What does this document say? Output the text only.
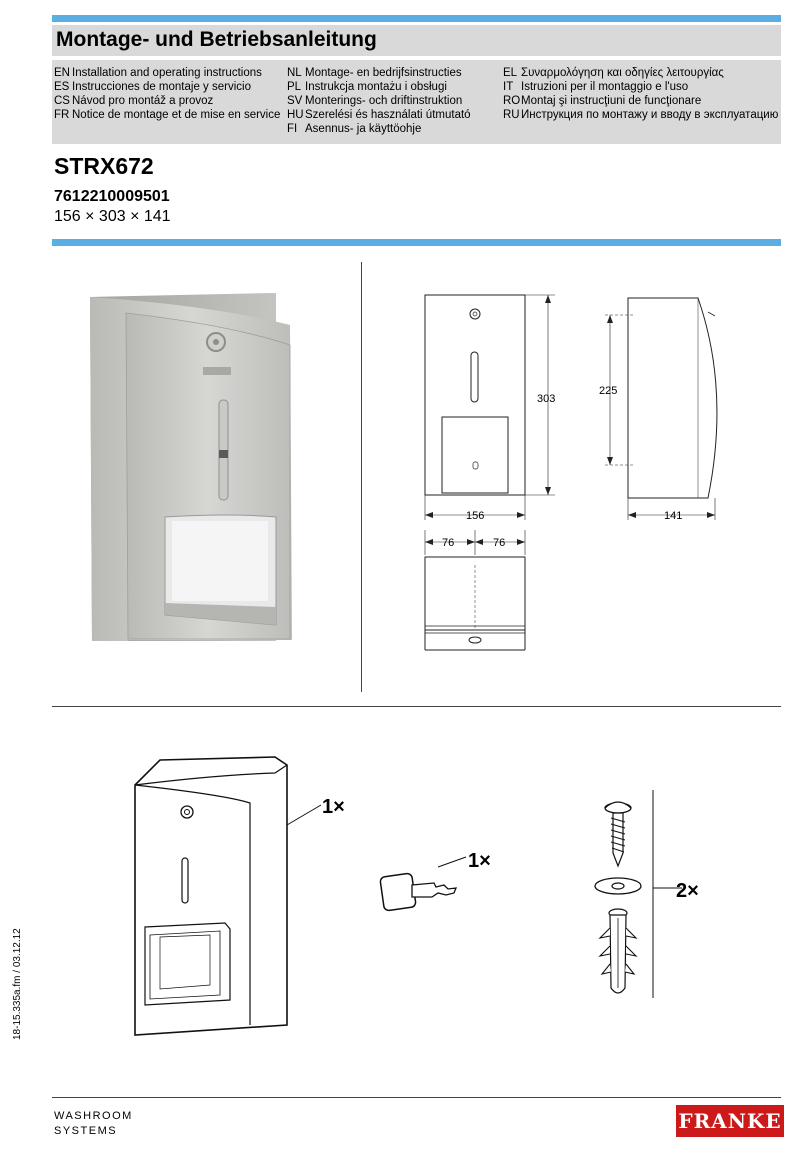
Montage- und Betriebsanleitung
EN Installation and operating instructions
ES Instrucciones de montaje y servicio
CS Návod pro montáž a provoz
FR Notice de montage et de mise en service
NL Montage- en bedrijfsinstructies
PL Instrukcja montażu i obsługi
SV Monterings- och driftinstruktion
HU Szerelési és használati útmutató
FI Asennus- ja käyttöohje
EL Συναρμολόγηση και οδηγίες λειτουργίας
IT Istruzioni per il montaggio e l'uso
RO Montaj şi instrucţiuni de funcţionare
RU Инструкция по монтажу и вводу в эксплуатацию
STRX672
7612210009501
156 × 303 × 141
303
156
225
141
76	76
1×
1×
2×
18-15.335a.fm / 03.12.12
WASHROOM
SYSTEMS	FRANKE
